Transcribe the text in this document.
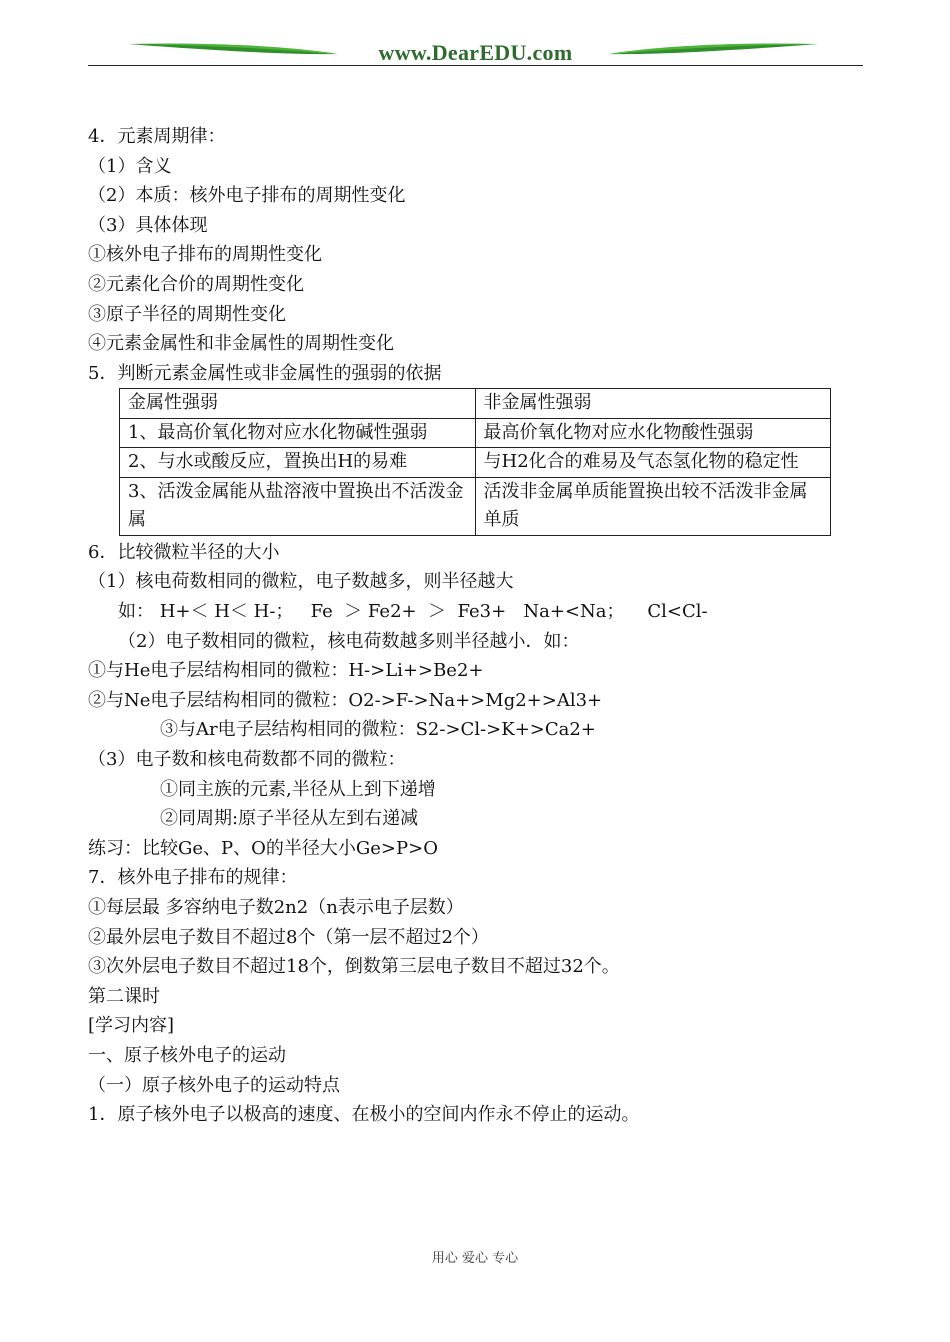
www.DearEDU.com
4．元素周期律：
（1）含义
（2）本质：核外电子排布的周期性变化
（3）具体体现
①核外电子排布的周期性变化
②元素化合价的周期性变化
③原子半径的周期性变化
④元素金属性和非金属性的周期性变化
5．判断元素金属性或非金属性的强弱的依据
金属性强弱	非金属性强弱
1、最高价氧化物对应水化物碱性强弱	最高价氧化物对应水化物酸性强弱
2、与水或酸反应，置换出H的易难	与H2化合的难易及气态氢化物的稳定性
3、活泼金属能从盐溶液中置换出不活泼金属	活泼非金属单质能置换出较不活泼非金属单质
6．比较微粒半径的大小
（1）核电荷数相同的微粒，电子数越多，则半径越大
如： H+＜ H＜ H-；   Fe  ＞ Fe2+  ＞  Fe3+   Na+<Na；    Cl<Cl-
（2）电子数相同的微粒，核电荷数越多则半径越小．如：
①与He电子层结构相同的微粒：H->Li+>Be2+
②与Ne电子层结构相同的微粒：O2->F->Na+>Mg2+>Al3+
③与Ar电子层结构相同的微粒：S2->Cl->K+>Ca2+
（3）电子数和核电荷数都不同的微粒：
①同主族的元素,半径从上到下递增
②同周期:原子半径从左到右递减
练习：比较Ge、P、O的半径大小Ge>P>O
7．核外电子排布的规律：
①每层最 多容纳电子数2n2（n表示电子层数）
②最外层电子数目不超过8个（第一层不超过2个）
③次外层电子数目不超过18个，倒数第三层电子数目不超过32个。
第二课时
[学习内容]
一、原子核外电子的运动
（一）原子核外电子的运动特点
1．原子核外电子以极高的速度、在极小的空间内作永不停止的运动。
用心 爱心 专心
